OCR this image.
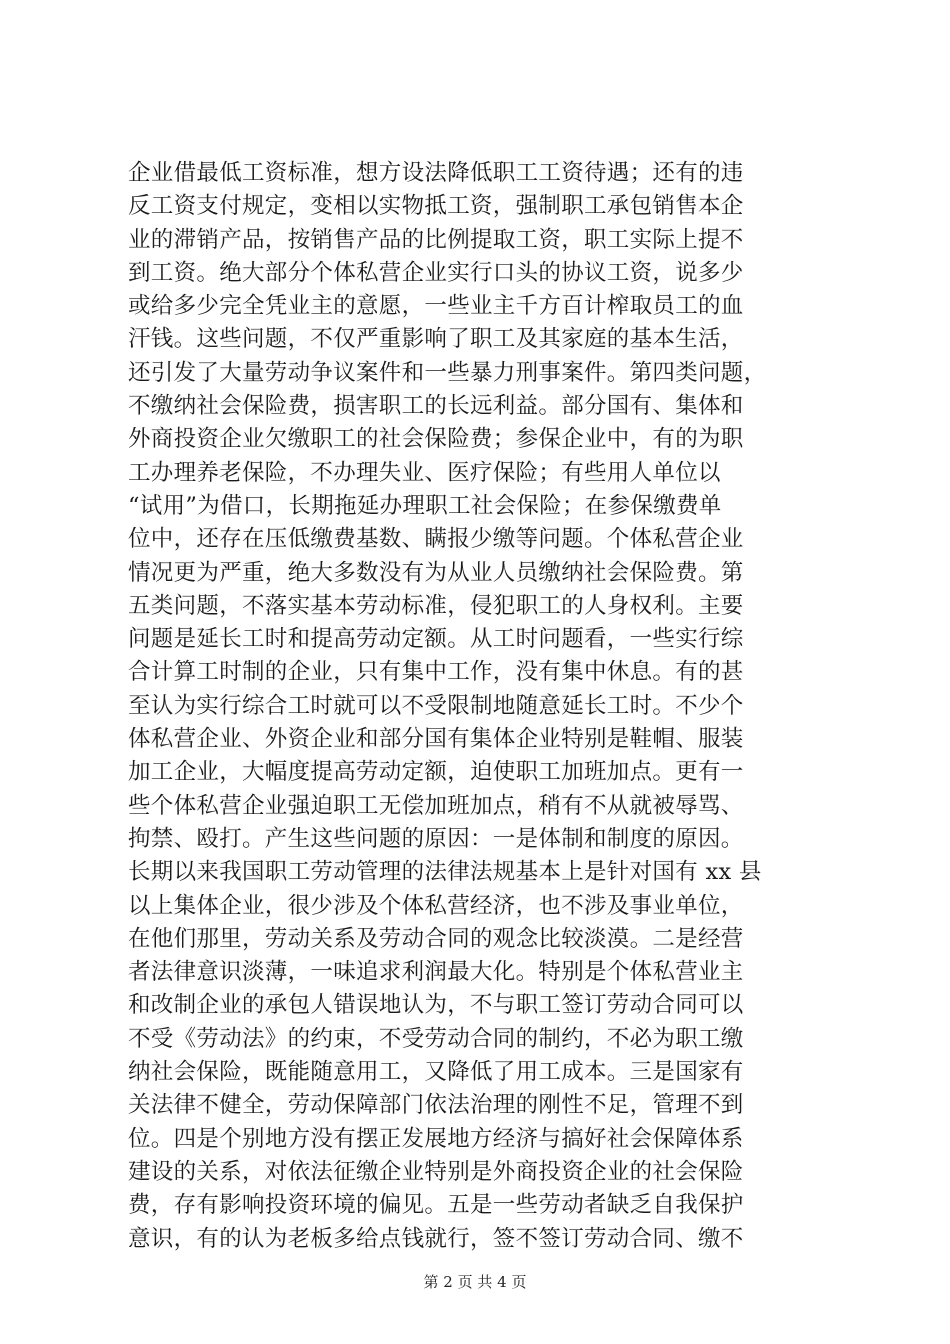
企业借最低工资标准，想方设法降低职工工资待遇；还有的违
反工资支付规定，变相以实物抵工资，强制职工承包销售本企
业的滞销产品，按销售产品的比例提取工资，职工实际上提不
到工资。绝大部分个体私营企业实行口头的协议工资，说多少
或给多少完全凭业主的意愿，一些业主千方百计榨取员工的血
汗钱。这些问题，不仅严重影响了职工及其家庭的基本生活，
还引发了大量劳动争议案件和一些暴力刑事案件。第四类问题，
不缴纳社会保险费，损害职工的长远利益。部分国有、集体和
外商投资企业欠缴职工的社会保险费；参保企业中，有的为职
工办理养老保险，不办理失业、医疗保险；有些用人单位以
“试用”为借口，长期拖延办理职工社会保险；在参保缴费单
位中，还存在压低缴费基数、瞒报少缴等问题。个体私营企业
情况更为严重，绝大多数没有为从业人员缴纳社会保险费。第
五类问题，不落实基本劳动标准，侵犯职工的人身权利。主要
问题是延长工时和提高劳动定额。从工时问题看，一些实行综
合计算工时制的企业，只有集中工作，没有集中休息。有的甚
至认为实行综合工时就可以不受限制地随意延长工时。不少个
体私营企业、外资企业和部分国有集体企业特别是鞋帽、服装
加工企业，大幅度提高劳动定额，迫使职工加班加点。更有一
些个体私营企业强迫职工无偿加班加点，稍有不从就被辱骂、
拘禁、殴打。产生这些问题的原因：一是体制和制度的原因。
长期以来我国职工劳动管理的法律法规基本上是针对国有 xx 县
以上集体企业，很少涉及个体私营经济，也不涉及事业单位，
在他们那里，劳动关系及劳动合同的观念比较淡漠。二是经营
者法律意识淡薄，一味追求利润最大化。特别是个体私营业主
和改制企业的承包人错误地认为，不与职工签订劳动合同可以
不受《劳动法》的约束，不受劳动合同的制约，不必为职工缴
纳社会保险，既能随意用工，又降低了用工成本。三是国家有
关法律不健全，劳动保障部门依法治理的刚性不足，管理不到
位。四是个别地方没有摆正发展地方经济与搞好社会保障体系
建设的关系，对依法征缴企业特别是外商投资企业的社会保险
费，存有影响投资环境的偏见。五是一些劳动者缺乏自我保护
意识，有的认为老板多给点钱就行，签不签订劳动合同、缴不
第 2 页 共 4 页
